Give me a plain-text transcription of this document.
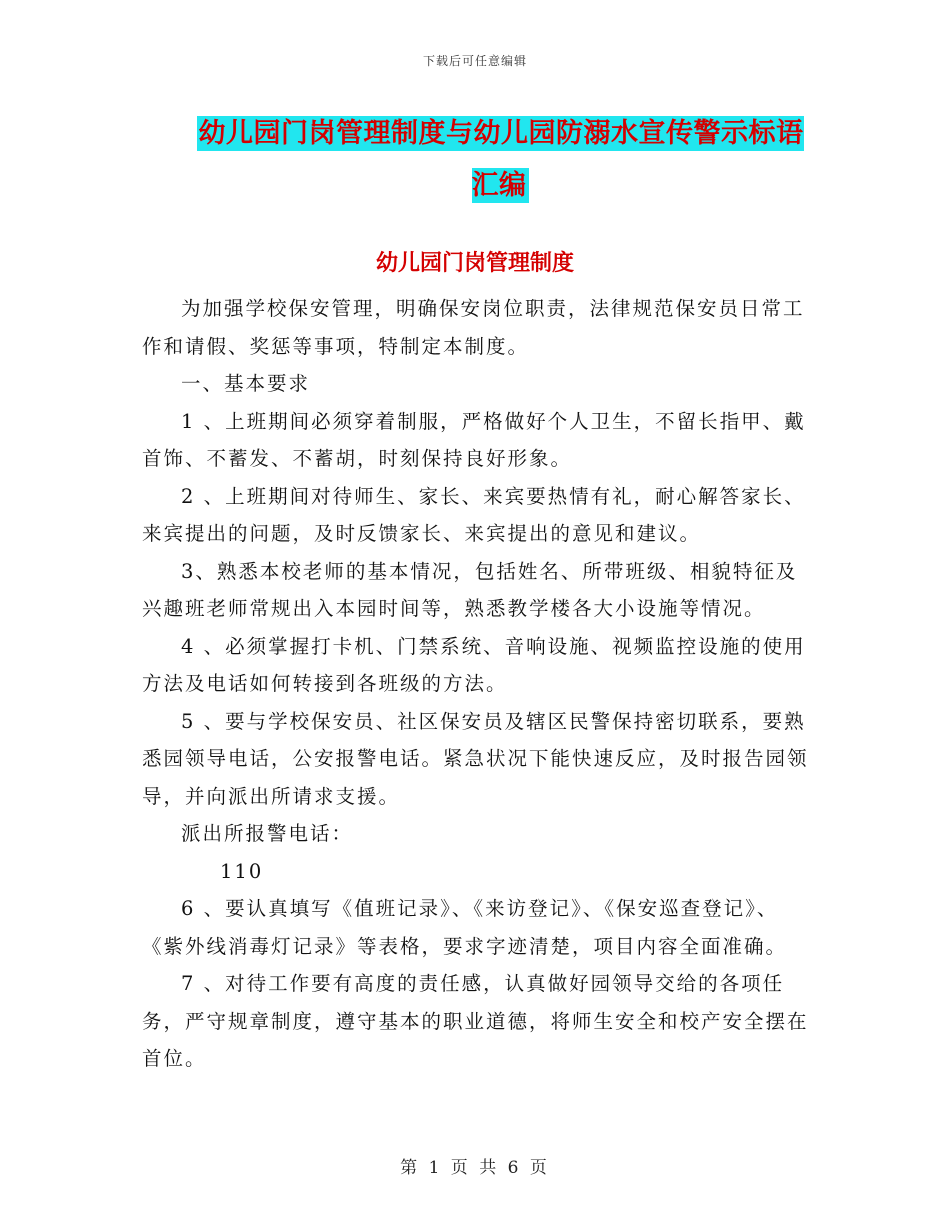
下载后可任意编辑
幼儿园门岗管理制度与幼儿园防溺水宣传警示标语汇编
幼儿园门岗管理制度

为加强学校保安管理，明确保安岗位职责，法律规范保安员日常工作和请假、奖惩等事项，特制定本制度。

一、基本要求

1 、上班期间必须穿着制服，严格做好个人卫生，不留长指甲、戴首饰、不蓄发、不蓄胡，时刻保持良好形象。

2 、上班期间对待师生、家长、来宾要热情有礼，耐心解答家长、来宾提出的问题，及时反馈家长、来宾提出的意见和建议。

3、熟悉本校老师的基本情况，包括姓名、所带班级、相貌特征及兴趣班老师常规出入本园时间等，熟悉教学楼各大小设施等情况。

4 、必须掌握打卡机、门禁系统、音响设施、视频监控设施的使用方法及电话如何转接到各班级的方法。

5 、要与学校保安员、社区保安员及辖区民警保持密切联系，要熟悉园领导电话，公安报警电话。紧急状况下能快速反应，及时报告园领导，并向派出所请求支援。

派出所报警电话：

110

6 、要认真填写《值班记录》、《来访登记》、《保安巡查登记》、《紫外线消毒灯记录》等表格，要求字迹清楚，项目内容全面准确。

7 、对待工作要有高度的责任感，认真做好园领导交给的各项任务，严守规章制度，遵守基本的职业道德，将师生安全和校产安全摆在首位。

第 1 页 共 6 页
